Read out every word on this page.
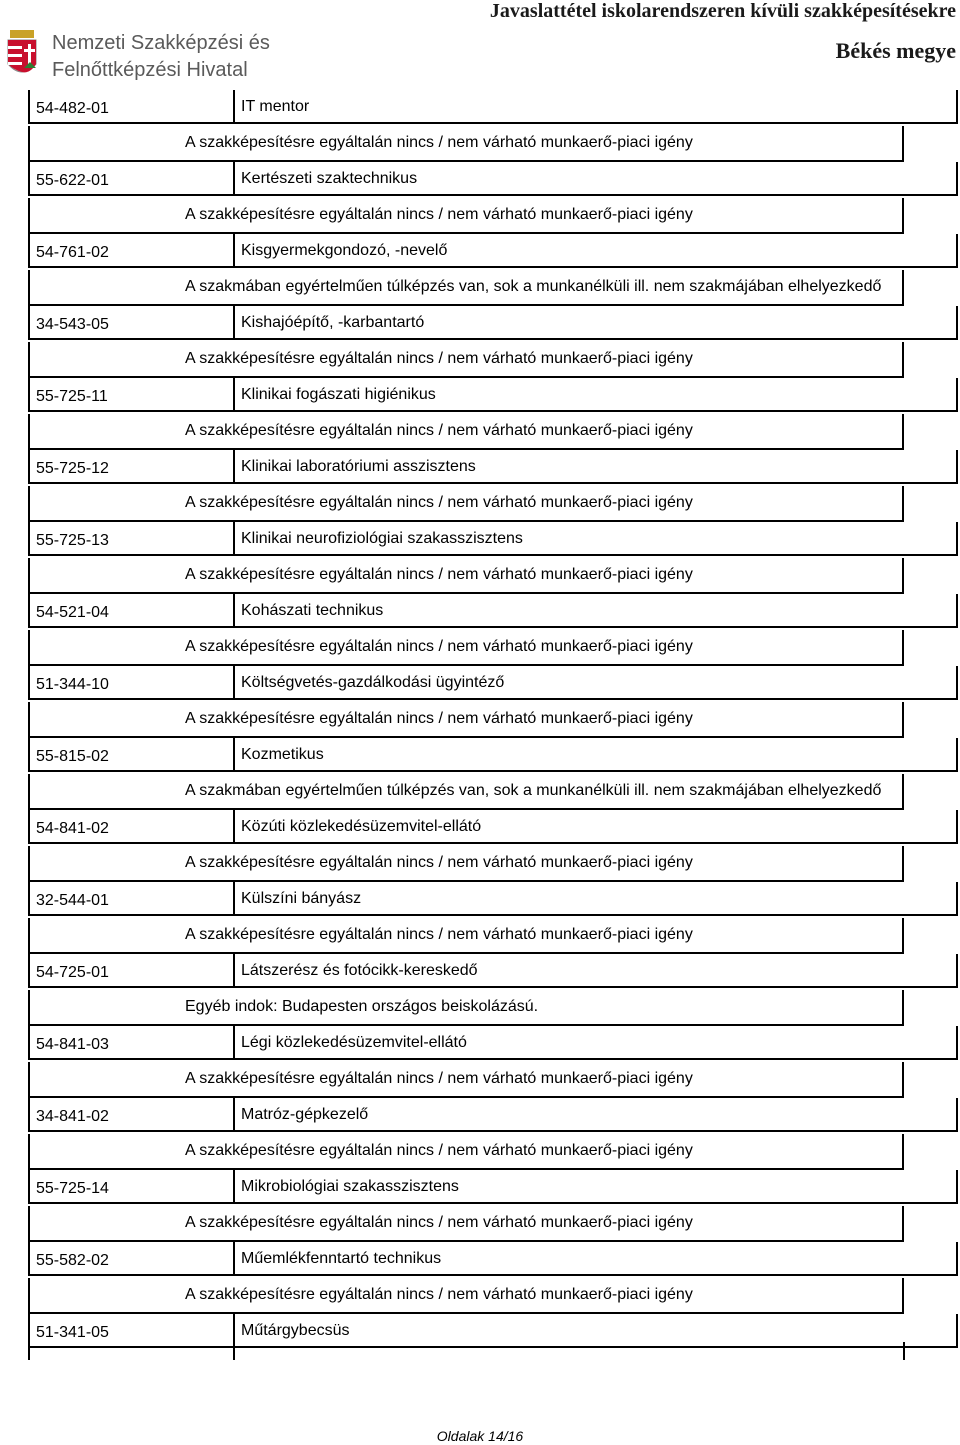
Nemzeti Szakképzési és
Felnőttképzési Hivatal
Javaslattétel iskolarendszeren kívüli szakképesítésekre
Békés megye
54-482-01	IT mentor
A szakképesítésre egyáltalán nincs / nem várható munkaerő-piaci igény
55-622-01	Kertészeti szaktechnikus
A szakképesítésre egyáltalán nincs / nem várható munkaerő-piaci igény
54-761-02	Kisgyermekgondozó, -nevelő
A szakmában egyértelműen túlképzés van, sok a munkanélküli ill. nem szakmájában elhelyezkedő
34-543-05	Kishajóépítő, -karbantartó
A szakképesítésre egyáltalán nincs / nem várható munkaerő-piaci igény
55-725-11	Klinikai fogászati higiénikus
A szakképesítésre egyáltalán nincs / nem várható munkaerő-piaci igény
55-725-12	Klinikai laboratóriumi asszisztens
A szakképesítésre egyáltalán nincs / nem várható munkaerő-piaci igény
55-725-13	Klinikai neurofiziológiai szakasszisztens
A szakképesítésre egyáltalán nincs / nem várható munkaerő-piaci igény
54-521-04	Kohászati technikus
A szakképesítésre egyáltalán nincs / nem várható munkaerő-piaci igény
51-344-10	Költségvetés-gazdálkodási ügyintéző
A szakképesítésre egyáltalán nincs / nem várható munkaerő-piaci igény
55-815-02	Kozmetikus
A szakmában egyértelműen túlképzés van, sok a munkanélküli ill. nem szakmájában elhelyezkedő
54-841-02	Közúti közlekedésüzemvitel-ellátó
A szakképesítésre egyáltalán nincs / nem várható munkaerő-piaci igény
32-544-01	Külszíni bányász
A szakképesítésre egyáltalán nincs / nem várható munkaerő-piaci igény
54-725-01	Látszerész és fotócikk-kereskedő
Egyéb indok: Budapesten országos beiskolázású.
54-841-03	Légi közlekedésüzemvitel-ellátó
A szakképesítésre egyáltalán nincs / nem várható munkaerő-piaci igény
34-841-02	Matróz-gépkezelő
A szakképesítésre egyáltalán nincs / nem várható munkaerő-piaci igény
55-725-14	Mikrobiológiai szakasszisztens
A szakképesítésre egyáltalán nincs / nem várható munkaerő-piaci igény
55-582-02	Műemlékfenntartó technikus
A szakképesítésre egyáltalán nincs / nem várható munkaerő-piaci igény
51-341-05	Műtárgybecsüs
Oldalak 14/16
